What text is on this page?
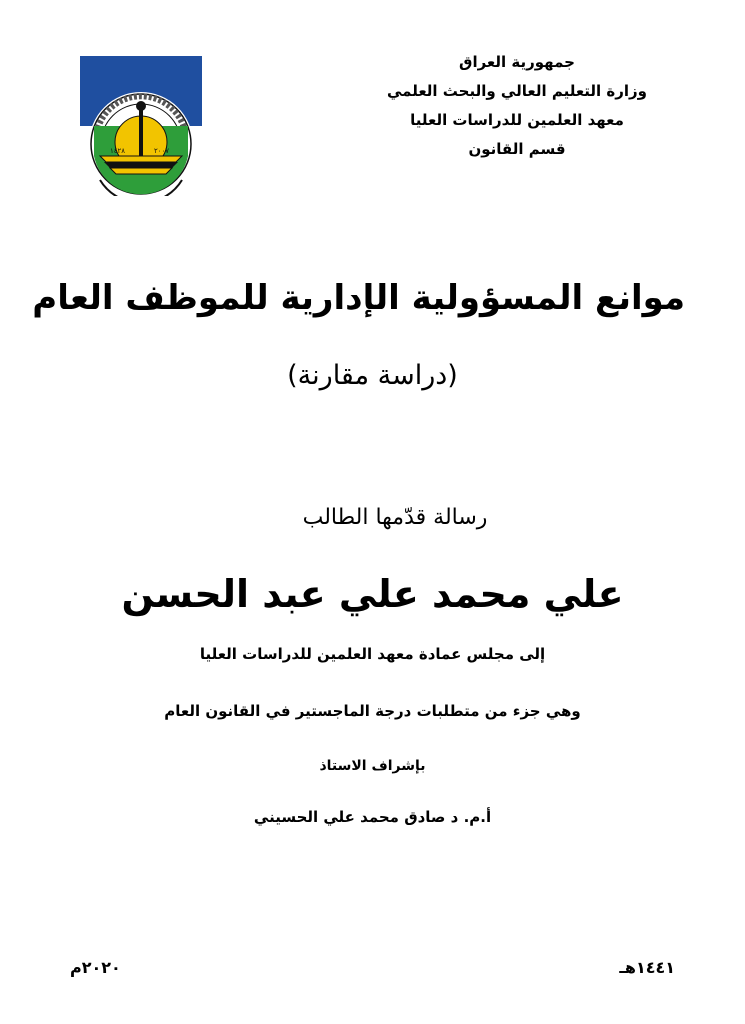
١٤٢٨	٢٠٠٧
جمهورية العراق
وزارة التعليم العالي والبحث العلمي
معهد العلمين للدراسات العليا
قسم القانون
موانع المسؤولية الإدارية للموظف العام
(دراسة مقارنة)
رسالة قدّمها الطالب
علي محمد علي عبد الحسن
إلى مجلس عمادة معهد العلمين للدراسات العليا
وهي جزء من متطلبات درجة الماجستير في القانون العام
بإشراف الاستاذ
أ.م. د صادق محمد علي الحسيني
١٤٤١هـ
٢٠٢٠م
